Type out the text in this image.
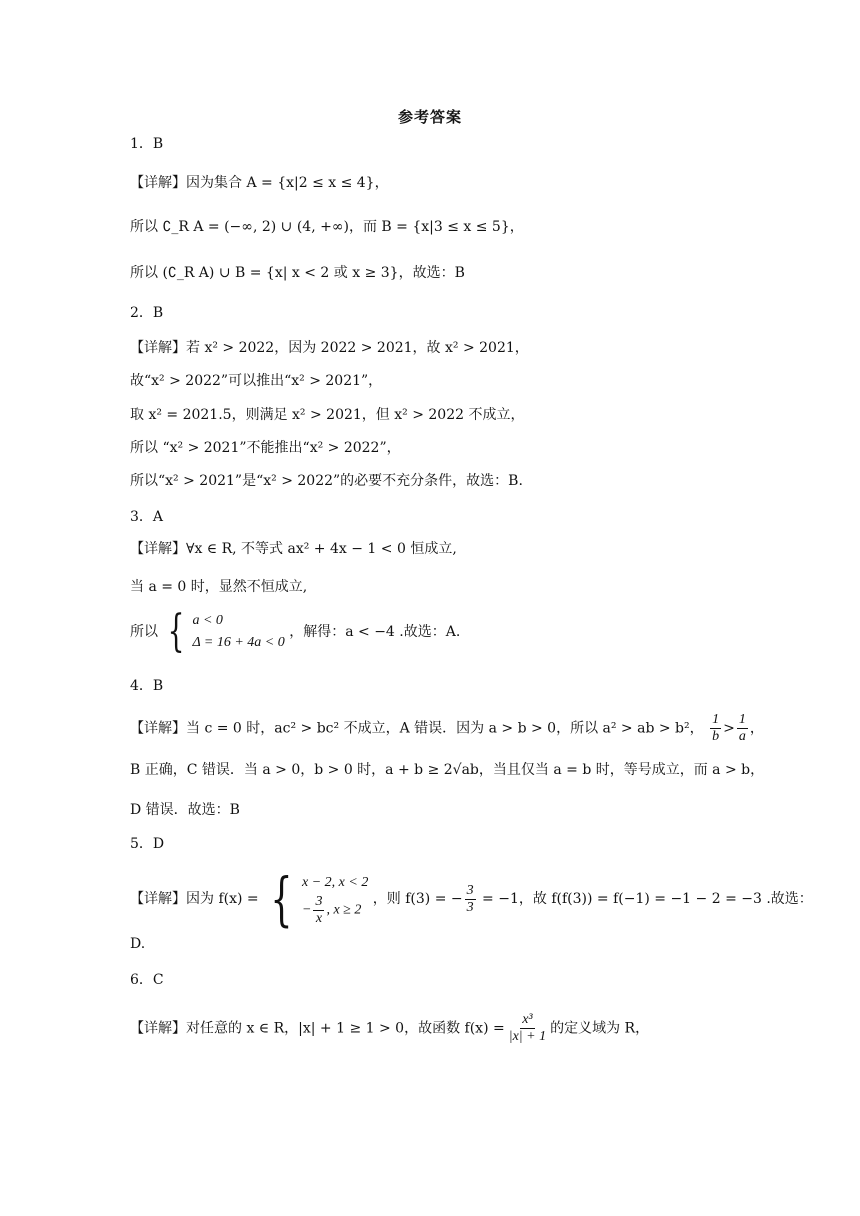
参考答案
1．B
【详解】因为集合 A = {x|2 ≤ x ≤ 4}，
所以 ∁_R A = (−∞, 2) ∪ (4, +∞)，而 B = {x|3 ≤ x ≤ 5}，
所以 (∁_R A) ∪ B = {x| x < 2 或 x ≥ 3}，故选：B
2．B
【详解】若 x² > 2022，因为 2022 > 2021，故 x² > 2021，
故“x² > 2022”可以推出“x² > 2021”，
取 x² = 2021.5，则满足 x² > 2021，但 x² > 2022 不成立，
所以 “x² > 2021”不能推出“x² > 2022”，
所以“x² > 2021”是“x² > 2022”的必要不充分条件，故选：B.
3．A
【详解】∀x ∈ R, 不等式 ax² + 4x − 1 < 0 恒成立,
当 a = 0 时，显然不恒成立,
所以 { a < 0
Δ = 16 + 4a < 0
，解得：a < −4 .故选：A.
4．B
【详解】当 c = 0 时，ac² > bc² 不成立，A 错误．因为 a > b > 0，所以 a² > ab > b²， $\frac{1}{b} > \frac{1}{a}$ ，
B 正确，C 错误．当 a > 0，b > 0 时，a + b ≥ 2√ab，当且仅当 a = b 时，等号成立，而 a > b，
D 错误．故选：B
5．D
【详解】因为 f(x) = { x − 2, x < 2
− $\frac{3}{x}$ , x ≥ 2
，则 f(3) = − $\frac{3}{3} = -1$，故 f(f(3)) = f(−1) = −1 − 2 = −3 .故选：
D.
6．C
【详解】对任意的 x ∈ R，|x| + 1 ≥ 1 > 0，故函数 $f(x) = \frac{\text{x³}}{|x| + 1}$ 的定义域为 R，
